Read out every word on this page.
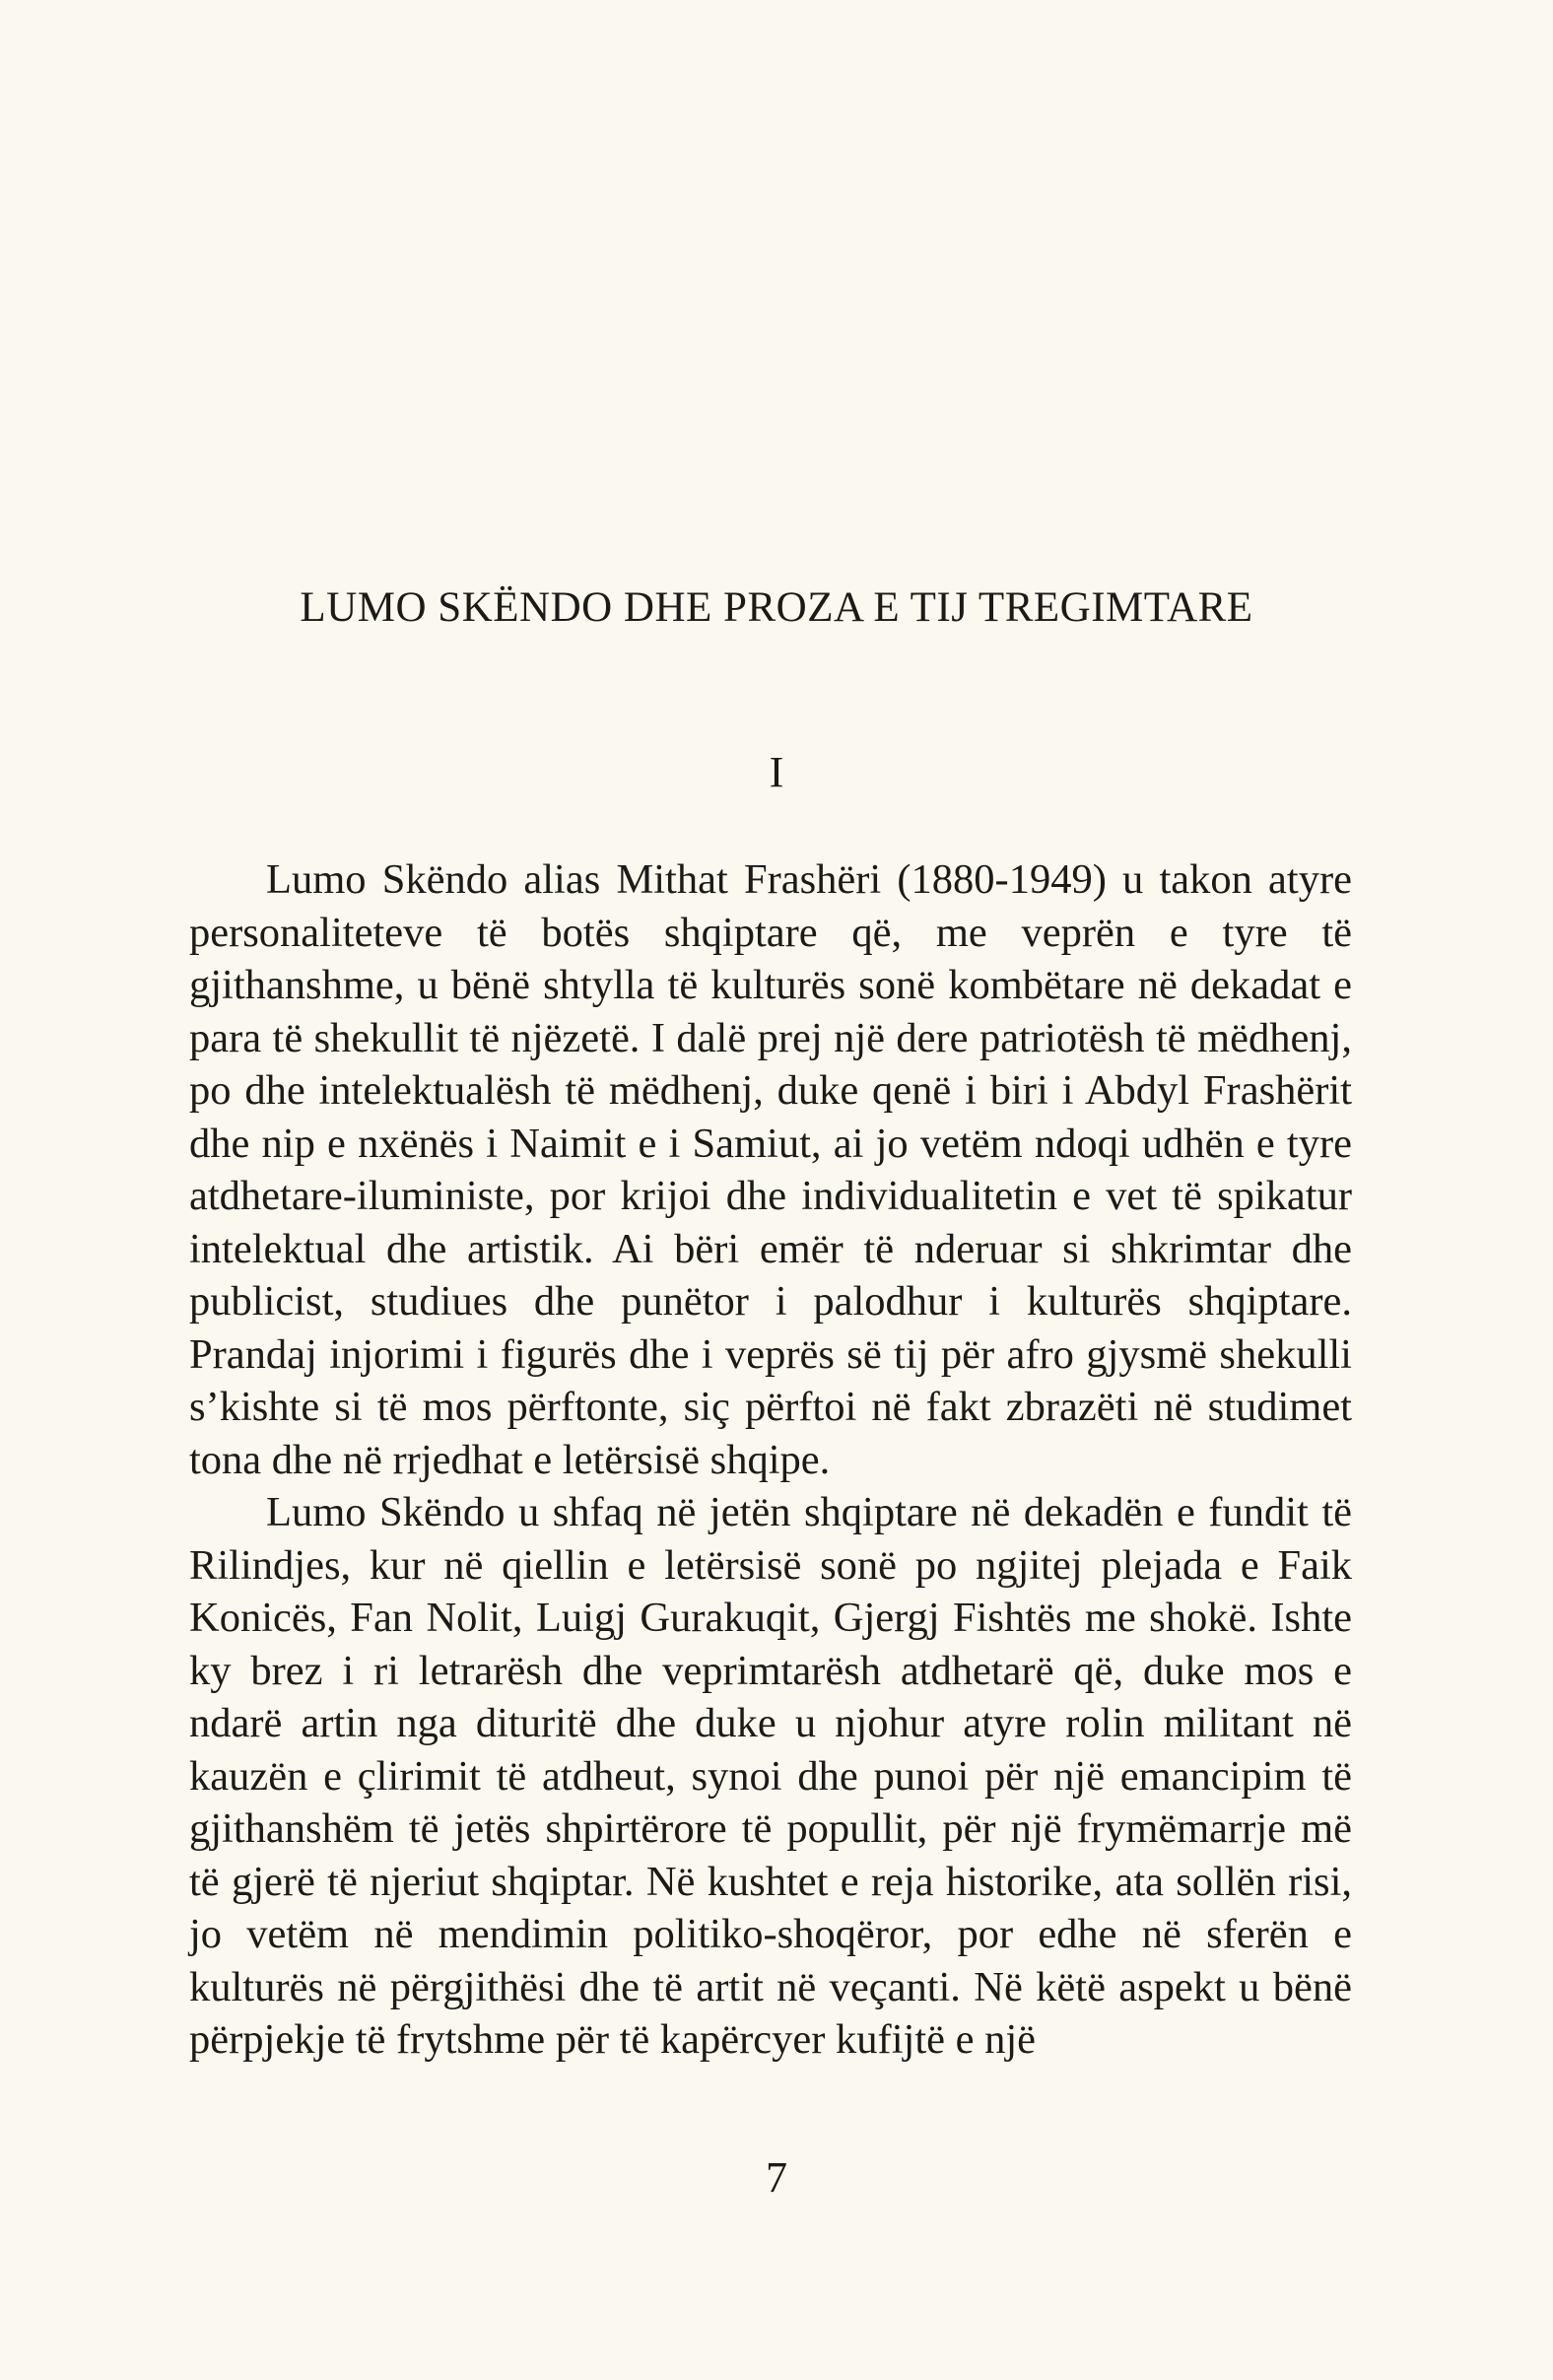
LUMO SKËNDO DHE PROZA E TIJ TREGIMTARE
I

Lumo Skëndo alias Mithat Frashëri (1880-1949) u takon atyre personaliteteve të botës shqiptare që, me veprën e tyre të gjithanshme, u bënë shtylla të kulturës sonë kombëtare në dekadat e para të shekullit të njëzetë. I dalë prej një dere patriotësh të mëdhenj, po dhe intelektualësh të mëdhenj, duke qenë i biri i Abdyl Frashërit dhe nip e nxënës i Naimit e i Samiut, ai jo vetëm ndoqi udhën e tyre atdhetare-iluministe, por krijoi dhe individualitetin e vet të spikatur intelektual dhe artistik. Ai bëri emër të nderuar si shkrimtar dhe publicist, studiues dhe punëtor i palodhur i kulturës shqiptare. Prandaj injorimi i figurës dhe i veprës së tij për afro gjysmë shekulli s’kishte si të mos përftonte, siç përftoi në fakt zbrazëti në studimet tona dhe në rrjedhat e letërsisë shqipe.

Lumo Skëndo u shfaq në jetën shqiptare në dekadën e fundit të Rilindjes, kur në qiellin e letërsisë sonë po ngjitej plejada e Faik Konicës, Fan Nolit, Luigj Gurakuqit, Gjergj Fishtës me shokë. Ishte ky brez i ri letrarësh dhe veprimtarësh atdhetarë që, duke mos e ndarë artin nga dituritë dhe duke u njohur atyre rolin militant në kauzën e çlirimit të atdheut, synoi dhe punoi për një emancipim të gjithanshëm të jetës shpirtërore të popullit, për një frymëmarrje më të gjerë të njeriut shqiptar. Në kushtet e reja historike, ata sollën risi, jo vetëm në mendimin politiko-shoqëror, por edhe në sferën e kulturës në përgjithësi dhe të artit në veçanti. Në këtë aspekt u bënë përpjekje të frytshme për të kapërcyer kufijtë e një

7
